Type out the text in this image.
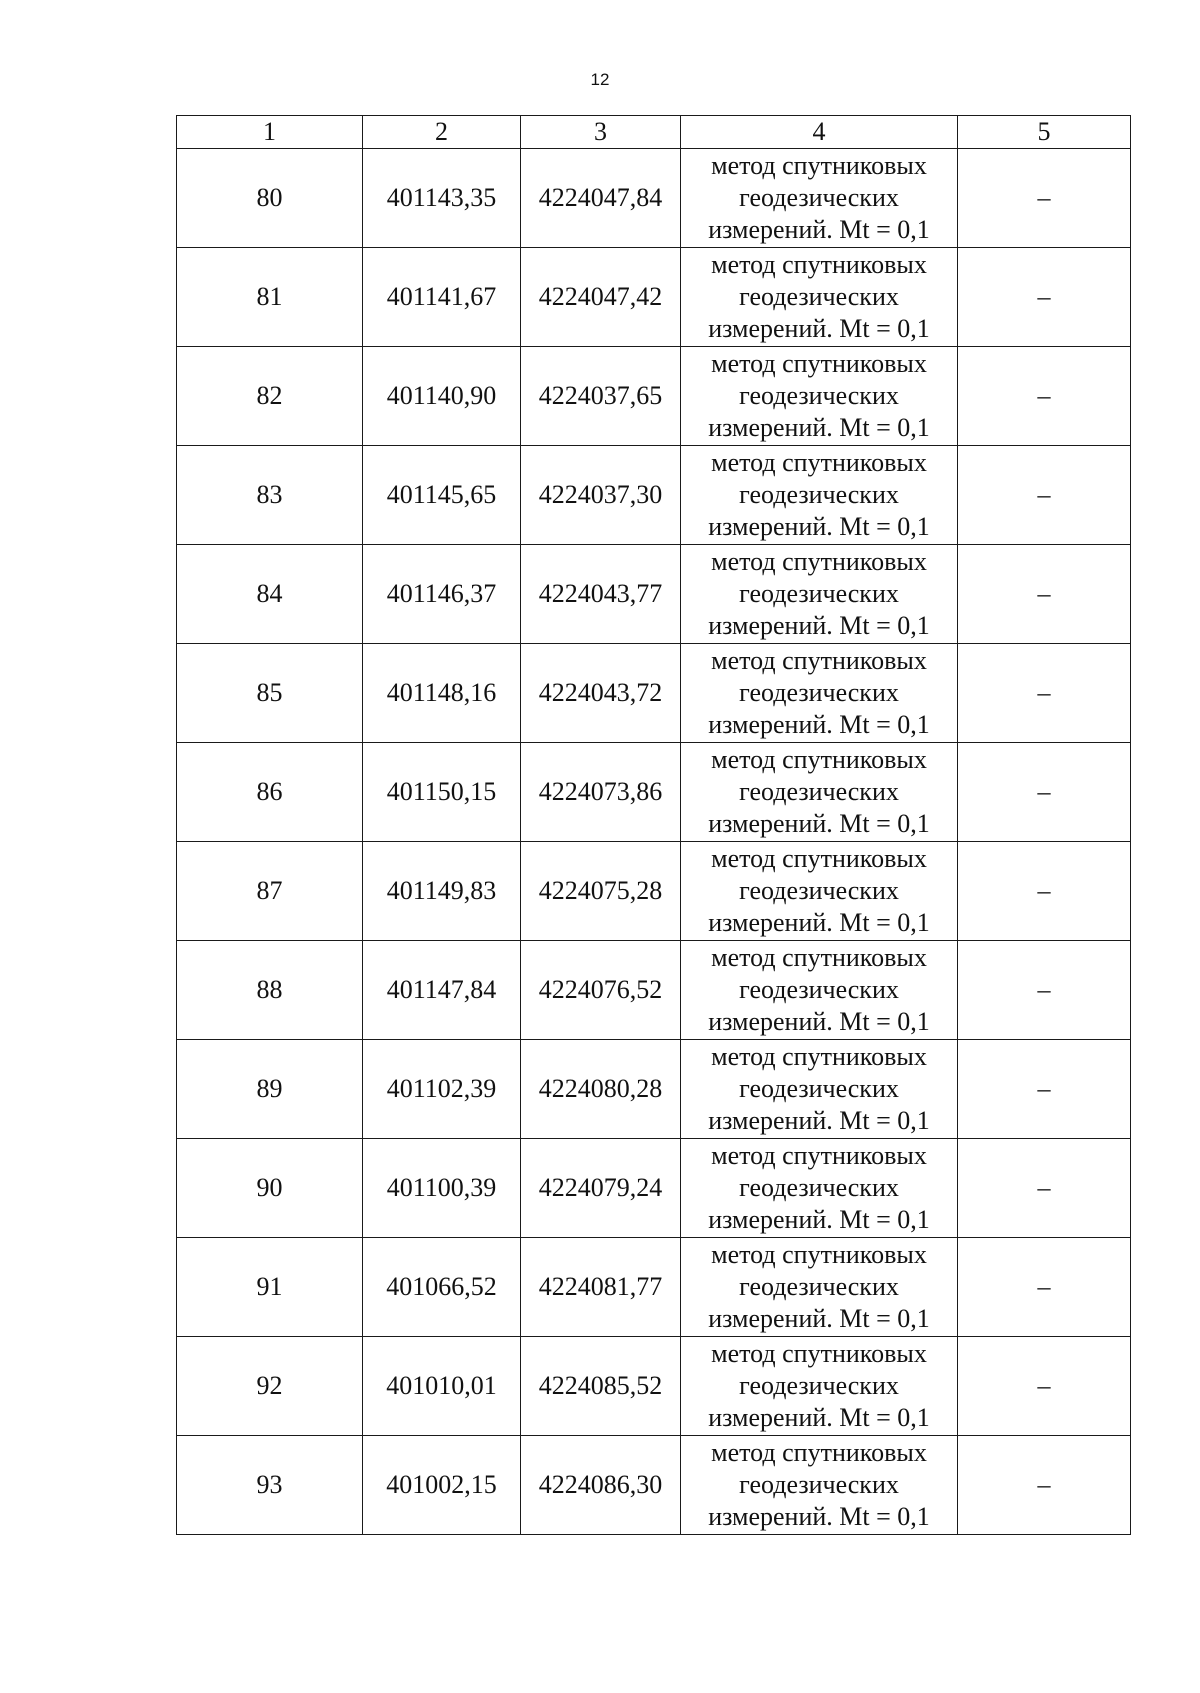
12
1	2	3	4	5
80	401143,35	4224047,84	метод спутниковых
геодезических
измерений. Mt = 0,1	–
81	401141,67	4224047,42	метод спутниковых
геодезических
измерений. Mt = 0,1	–
82	401140,90	4224037,65	метод спутниковых
геодезических
измерений. Mt = 0,1	–
83	401145,65	4224037,30	метод спутниковых
геодезических
измерений. Mt = 0,1	–
84	401146,37	4224043,77	метод спутниковых
геодезических
измерений. Mt = 0,1	–
85	401148,16	4224043,72	метод спутниковых
геодезических
измерений. Mt = 0,1	–
86	401150,15	4224073,86	метод спутниковых
геодезических
измерений. Mt = 0,1	–
87	401149,83	4224075,28	метод спутниковых
геодезических
измерений. Mt = 0,1	–
88	401147,84	4224076,52	метод спутниковых
геодезических
измерений. Mt = 0,1	–
89	401102,39	4224080,28	метод спутниковых
геодезических
измерений. Mt = 0,1	–
90	401100,39	4224079,24	метод спутниковых
геодезических
измерений. Mt = 0,1	–
91	401066,52	4224081,77	метод спутниковых
геодезических
измерений. Mt = 0,1	–
92	401010,01	4224085,52	метод спутниковых
геодезических
измерений. Mt = 0,1	–
93	401002,15	4224086,30	метод спутниковых
геодезических
измерений. Mt = 0,1	–
